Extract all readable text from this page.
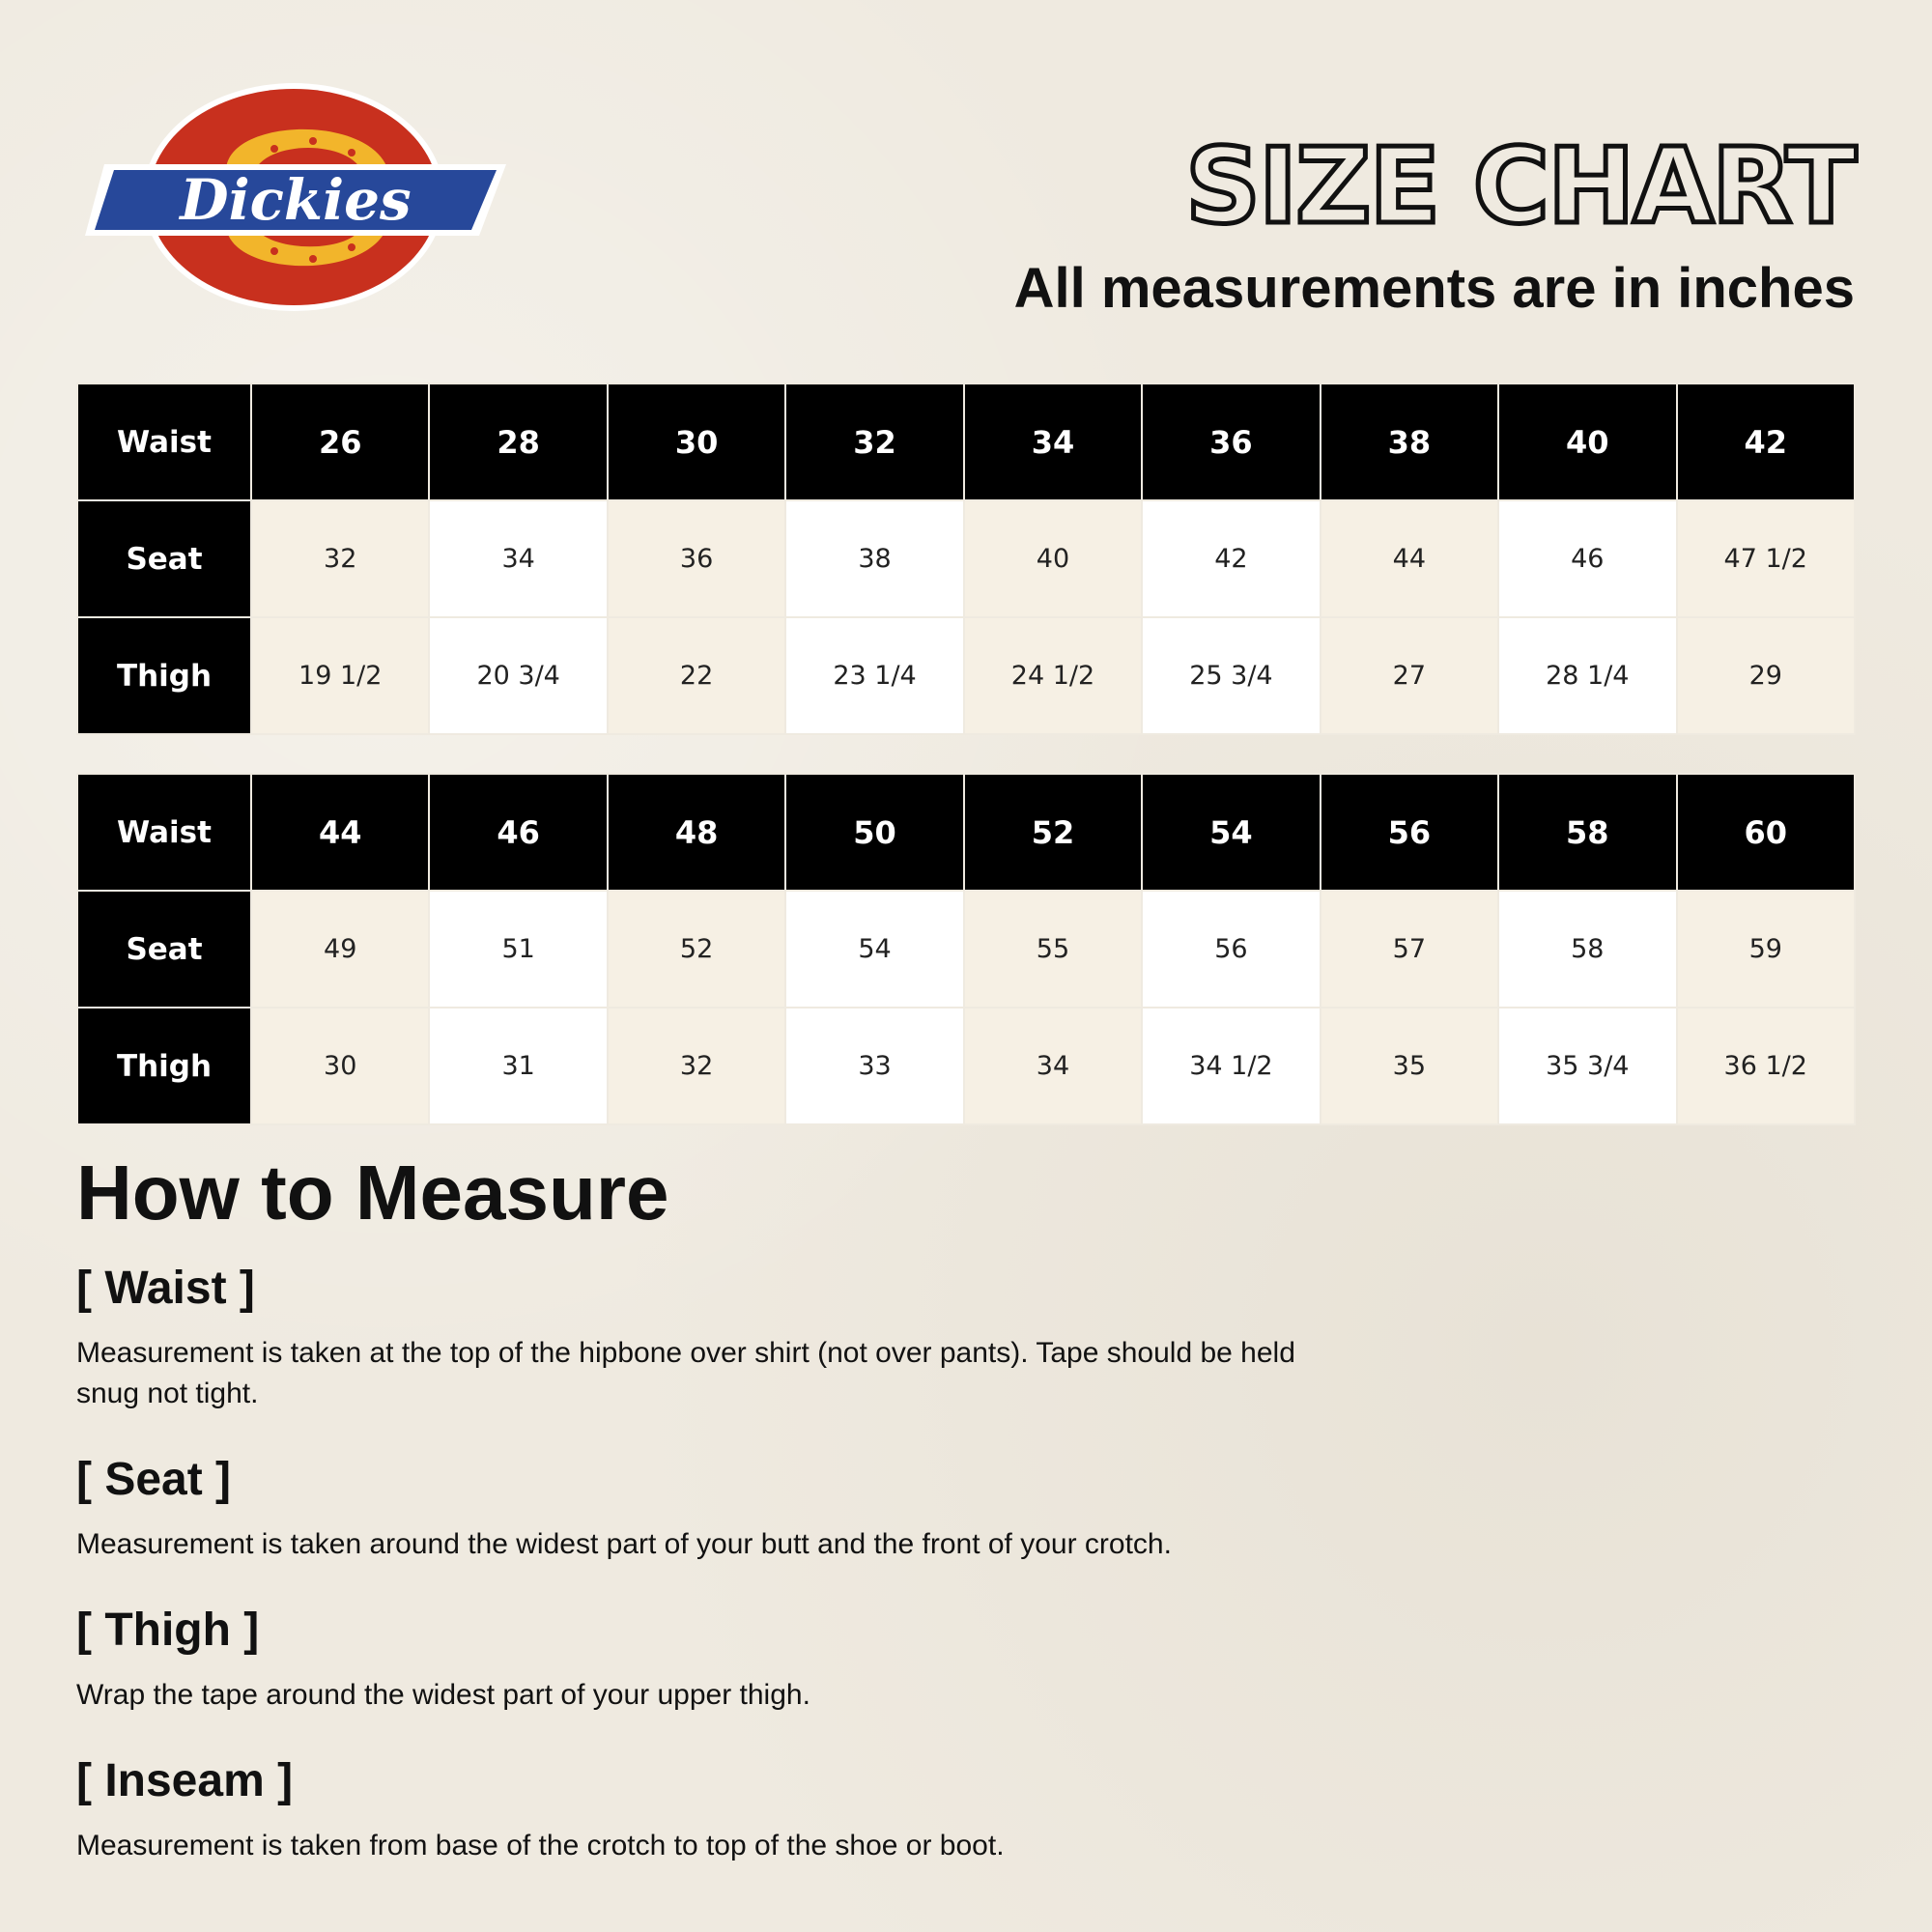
Dickies	SIZE CHART
All measurements are in inches
Waist	26	28	30	32	34	36	38	40	42
Seat	32	34	36	38	40	42	44	46	47 1/2
Thigh	19 1/2	20 3/4	22	23 1/4	24 1/2	25 3/4	27	28 1/4	29
Waist	44	46	48	50	52	54	56	58	60
Seat	49	51	52	54	55	56	57	58	59
Thigh	30	31	32	33	34	34 1/2	35	35 3/4	36 1/2
How to Measure
[ Waist ]
Measurement is taken at the top of the hipbone over shirt (not over pants). Tape should be held snug not tight.
[ Seat ]
Measurement is taken around the widest part of your butt and the front of your crotch.
[ Thigh ]
Wrap the tape around the widest part of your upper thigh.
[ Inseam ]
Measurement is taken from base of the crotch to top of the shoe or boot.
